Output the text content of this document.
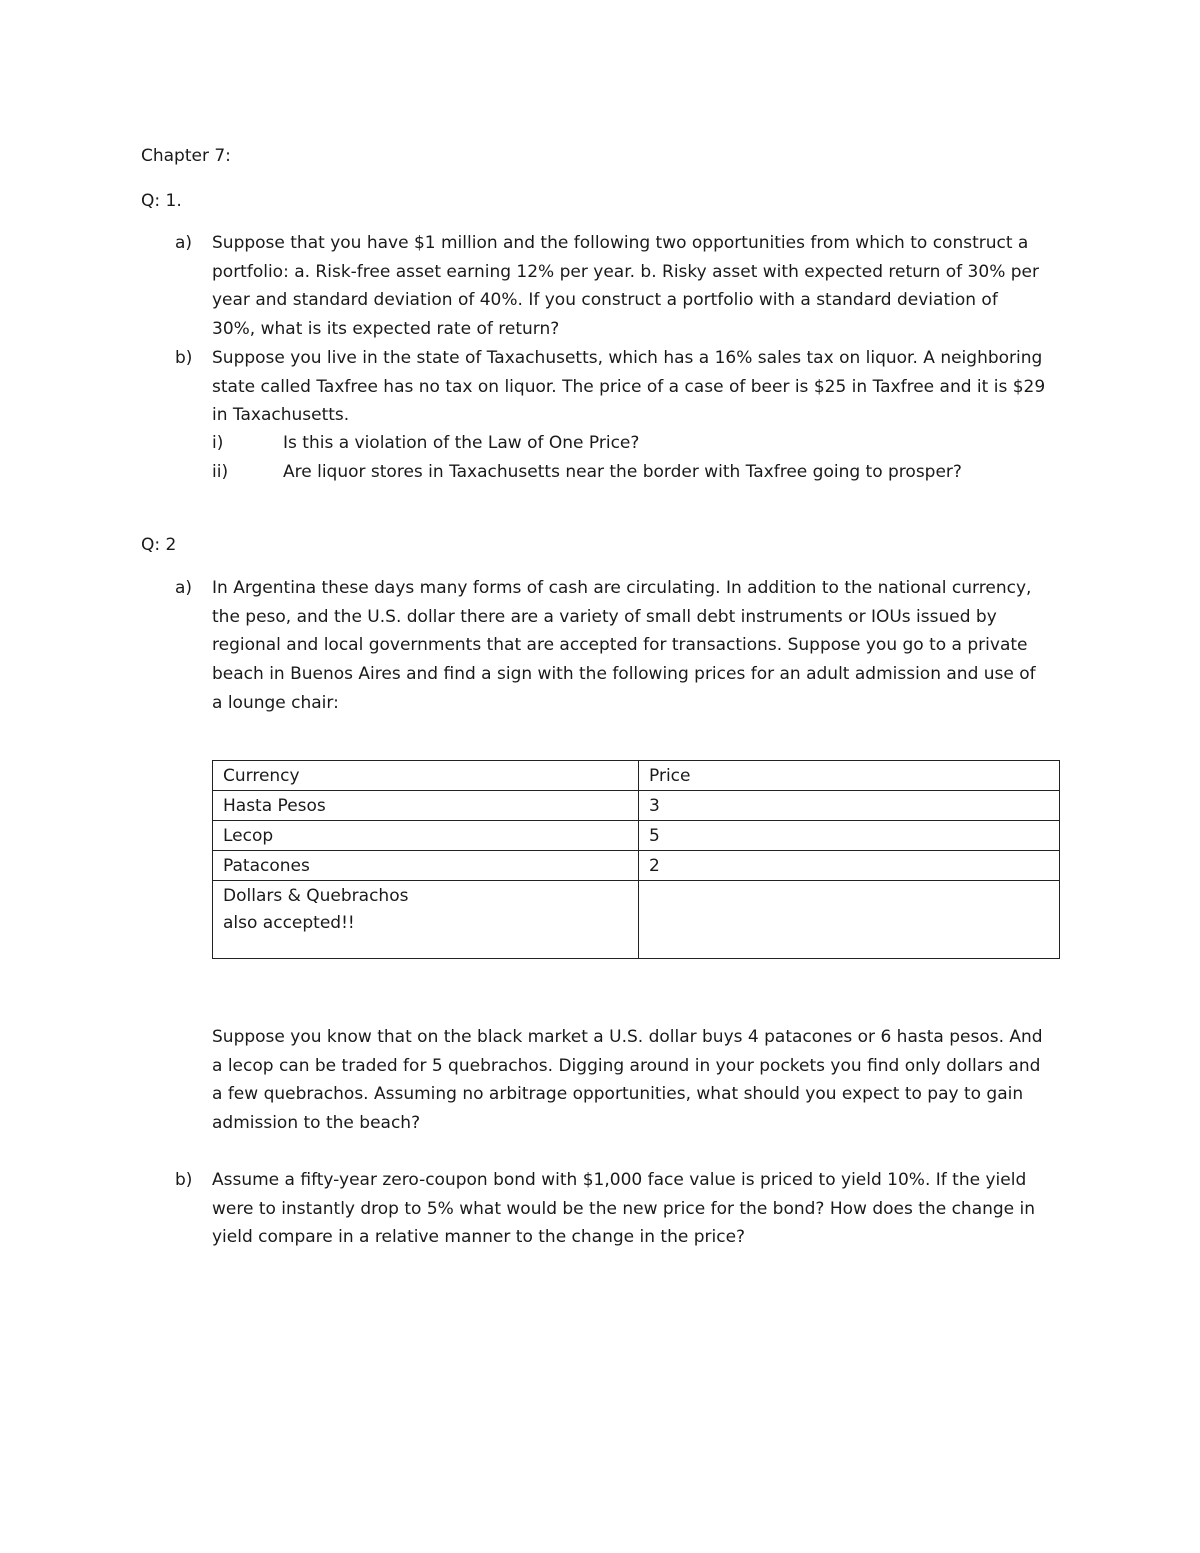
Chapter 7:
Q: 1.
a) Suppose that you have $1 million and the following two opportunities from which to construct a
portfolio: a. Risk-free asset earning 12% per year. b. Risky asset with expected return of 30% per
year and standard deviation of 40%. If you construct a portfolio with a standard deviation of
30%, what is its expected rate of return?
b) Suppose you live in the state of Taxachusetts, which has a 16% sales tax on liquor. A neighboring
state called Taxfree has no tax on liquor. The price of a case of beer is $25 in Taxfree and it is $29
in Taxachusetts.
i)	Is this a violation of the Law of One Price?
ii)	Are liquor stores in Taxachusetts near the border with Taxfree going to prosper?
Q: 2
a) In Argentina these days many forms of cash are circulating. In addition to the national currency,
the peso, and the U.S. dollar there are a variety of small debt instruments or IOUs issued by
regional and local governments that are accepted for transactions. Suppose you go to a private
beach in Buenos Aires and find a sign with the following prices for an adult admission and use of
a lounge chair:
Currency	Price
Hasta Pesos	3
Lecop	5
Patacones	2

Dollars & Quebrachos
also accepted!!	

Suppose you know that on the black market a U.S. dollar buys 4 patacones or 6 hasta pesos. And
a lecop can be traded for 5 quebrachos. Digging around in your pockets you find only dollars and
a few quebrachos. Assuming no arbitrage opportunities, what should you expect to pay to gain
admission to the beach?
b) Assume a fifty-year zero-coupon bond with $1,000 face value is priced to yield 10%. If the yield
were to instantly drop to 5% what would be the new price for the bond? How does the change in
yield compare in a relative manner to the change in the price?
